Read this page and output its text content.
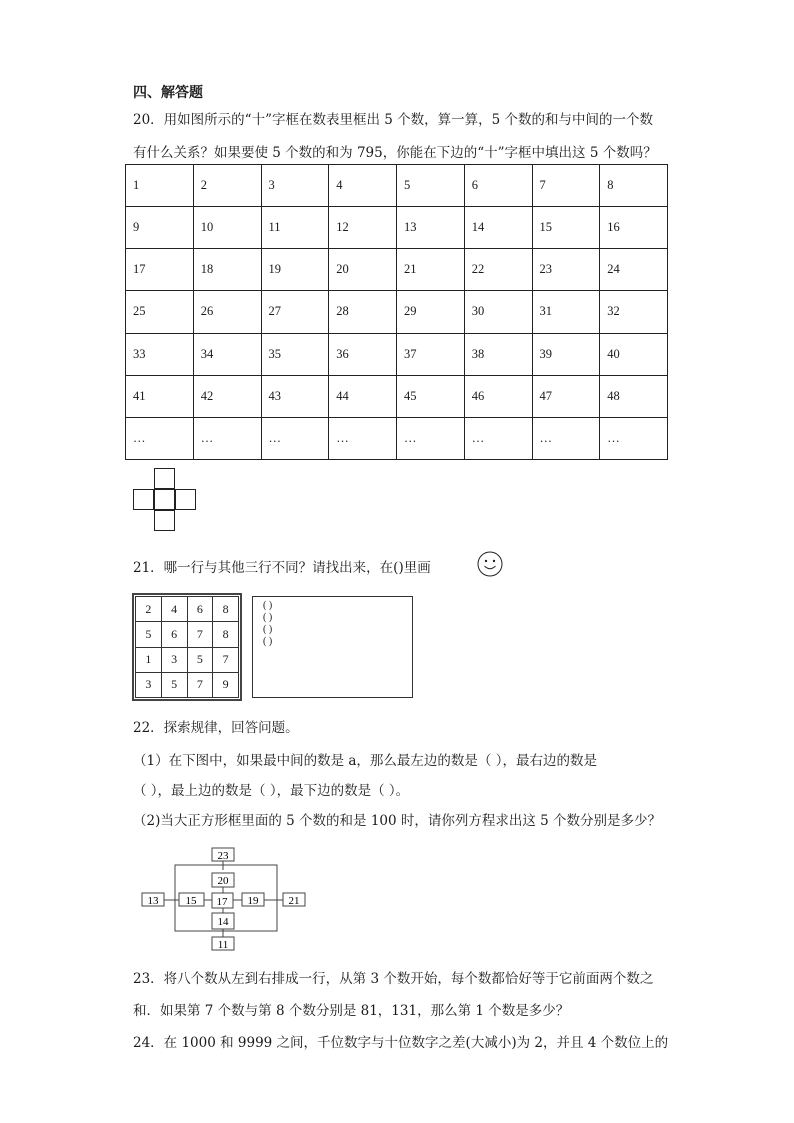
四、解答题
20．用如图所示的“十”字框在数表里框出 5 个数，算一算，5 个数的和与中间的一个数
有什么关系？如果要使 5 个数的和为 795，你能在下边的“十”字框中填出这 5 个数吗？
1	2	3	4	5	6	7	8
9	10	11	12	13	14	15	16
17	18	19	20	21	22	23	24
25	26	27	28	29	30	31	32
33	34	35	36	37	38	39	40
41	42	43	44	45	46	47	48
…	…	…	…	…	…	…	…
21．哪一行与其他三行不同？请找出来，在()里画
2	4	6	8
5	6	7	8
1	3	5	7
3	5	7	9
( )
( )
( )
( )
22．探索规律，回答问题。
（1）在下图中，如果最中间的数是 a，那么最左边的数是（ ），最右边的数是
（ ），最上边的数是（ ），最下边的数是（ ）。
（2)当大正方形框里面的 5 个数的和是 100 时，请你列方程求出这 5 个数分别是多少？
23
20
13 15 17 19	21
14
11
23．将八个数从左到右排成一行，从第 3 个数开始，每个数都恰好等于它前面两个数之
和．如果第 7 个数与第 8 个数分别是 81，131，那么第 1 个数是多少？
24．在 1000 和 9999 之间，千位数字与十位数字之差(大减小)为 2，并且 4 个数位上的
